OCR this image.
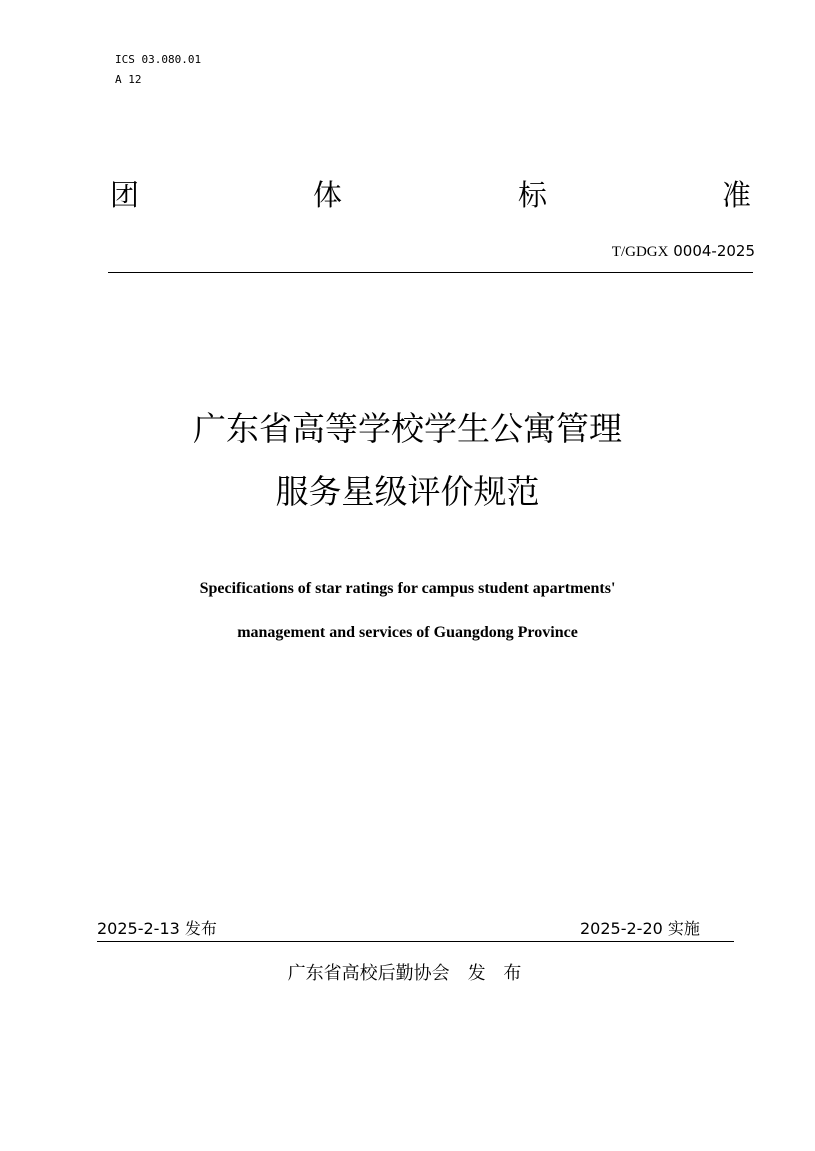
ICS 03.080.01
A 12
团	体	标	准
T/GDGX 0004-2025
广东省高等学校学生公寓管理
服务星级评价规范
Specifications of star ratings for campus student apartments'
management and services of Guangdong Province
2025-2-13 发布	2025-2-20 实施
广东省高校后勤协会 发 布
